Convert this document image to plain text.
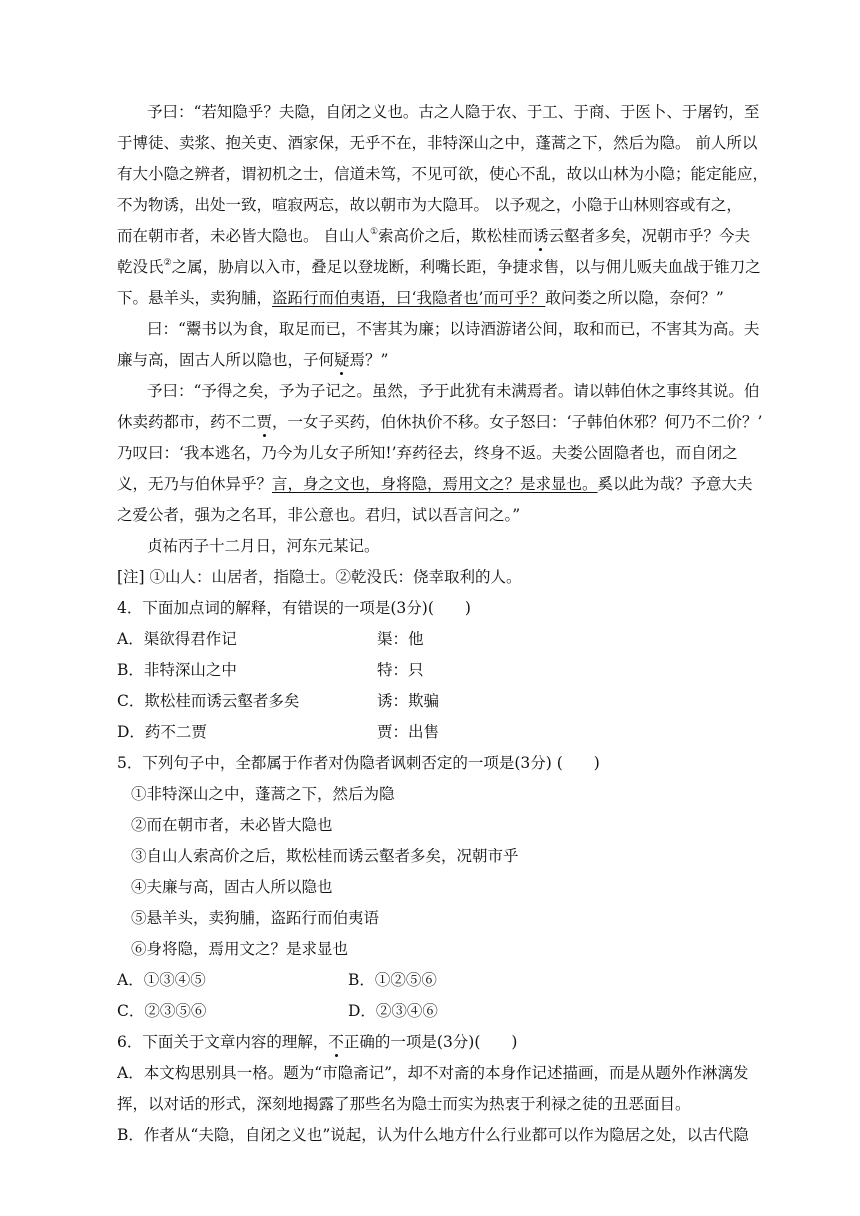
予曰：“若知隐乎？夫隐，自闭之义也。古之人隐于农、于工、于商、于医卜、于屠钓，至
于博徒、卖浆、抱关吏、酒家保，无乎不在，非特深山之中，蓬蒿之下，然后为隐。 前人所以
有大小隐之辨者，谓初机之士，信道未笃，不见可欲，使心不乱，故以山林为小隐；能定能应，
不为物诱，出处一致，喧寂两忘，故以朝市为大隐耳。 以予观之，小隐于山林则容或有之，
而在朝市者，未必皆大隐也。 自山人①索高价之后，欺松桂而诱云壑者多矣，况朝市乎？今夫
乾没氏②之属，胁肩以入市，叠足以登垅断，利嘴长距，争捷求售，以与佣儿贩夫血战于锥刀之
下。悬羊头，卖狗脯，盗跖行而伯夷语，曰‘我隐者也’而可乎？敢问娄之所以隐，奈何？”
曰：“鬻书以为食，取足而已，不害其为廉；以诗酒游诸公间，取和而已，不害其为高。夫
廉与高，固古人所以隐也，子何疑焉？”
予曰：“予得之矣，予为子记之。虽然，予于此犹有未满焉者。请以韩伯休之事终其说。伯
休卖药都市，药不二贾，一女子买药，伯休执价不移。女子怒曰：‘子韩伯休邪？何乃不二价？’
乃叹曰：‘我本逃名，乃今为儿女子所知!’弃药径去，终身不返。夫娄公固隐者也，而自闭之
义，无乃与伯休异乎？言，身之文也，身将隐，焉用文之？是求显也。奚以此为哉？予意大夫
之爱公者，强为之名耳，非公意也。君归，试以吾言问之。”
贞祐丙子十二月日，河东元某记。
[注] ①山人：山居者，指隐士。②乾没氏：侥幸取利的人。
4．下面加点词的解释，有错误的一项是(3分)(　　)
A．渠欲得君作记	渠：他
B．非特深山之中	特：只
C．欺松桂而诱云壑者多矣	诱：欺骗
D．药不二贾	贾：出售
5．下列句子中，全都属于作者对伪隐者讽刺否定的一项是(3分) (　　)
①非特深山之中，蓬蒿之下，然后为隐
②而在朝市者，未必皆大隐也
③自山人索高价之后，欺松桂而诱云壑者多矣，况朝市乎
④夫廉与高，固古人所以隐也
⑤悬羊头，卖狗脯，盗跖行而伯夷语
⑥身将隐，焉用文之？是求显也
A．①③④⑤	B．①②⑤⑥
C．②③⑤⑥	D．②③④⑥
6．下面关于文章内容的理解，不正确的一项是(3分)(　　)
A．本文构思别具一格。题为“市隐斋记”，却不对斋的本身作记述描画，而是从题外作淋漓发
挥，以对话的形式，深刻地揭露了那些名为隐士而实为热衷于利禄之徒的丑恶面目。
B．作者从“夫隐，自闭之义也”说起，认为什么地方什么行业都可以作为隐居之处，以古代隐
